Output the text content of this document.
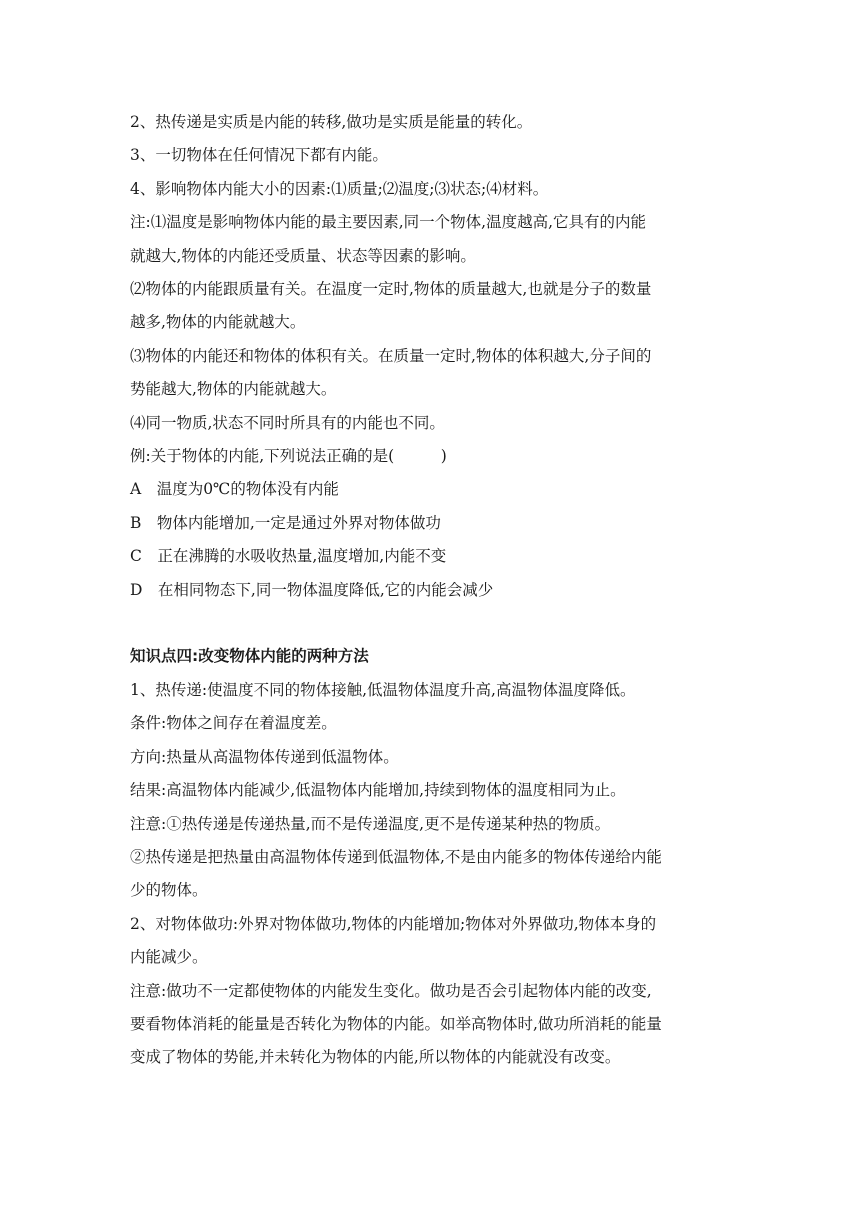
2、热传递是实质是内能的转移,做功是实质是能量的转化。

3、一切物体在任何情况下都有内能。

4、影响物体内能大小的因素:⑴质量;⑵温度;⑶状态;⑷材料。

注:⑴温度是影响物体内能的最主要因素,同一个物体,温度越高,它具有的内能

就越大,物体的内能还受质量、状态等因素的影响。

⑵物体的内能跟质量有关。在温度一定时,物体的质量越大,也就是分子的数量

越多,物体的内能就越大。

⑶物体的内能还和物体的体积有关。在质量一定时,物体的体积越大,分子间的

势能越大,物体的内能就越大。

⑷同一物质,状态不同时所具有的内能也不同。

例:关于物体的内能,下列说法正确的是(　　　)

A　温度为0℃的物体没有内能

B　物体内能增加,一定是通过外界对物体做功

C　正在沸腾的水吸收热量,温度增加,内能不变

D　在相同物态下,同一物体温度降低,它的内能会减少

知识点四:改变物体内能的两种方法

1、热传递:使温度不同的物体接触,低温物体温度升高,高温物体温度降低。

条件:物体之间存在着温度差。

方向:热量从高温物体传递到低温物体。

结果:高温物体内能减少,低温物体内能增加,持续到物体的温度相同为止。

注意:①热传递是传递热量,而不是传递温度,更不是传递某种热的物质。

②热传递是把热量由高温物体传递到低温物体,不是由内能多的物体传递给内能

少的物体。

2、对物体做功:外界对物体做功,物体的内能增加;物体对外界做功,物体本身的

内能减少。

注意:做功不一定都使物体的内能发生变化。做功是否会引起物体内能的改变,

要看物体消耗的能量是否转化为物体的内能。如举高物体时,做功所消耗的能量

变成了物体的势能,并未转化为物体的内能,所以物体的内能就没有改变。
